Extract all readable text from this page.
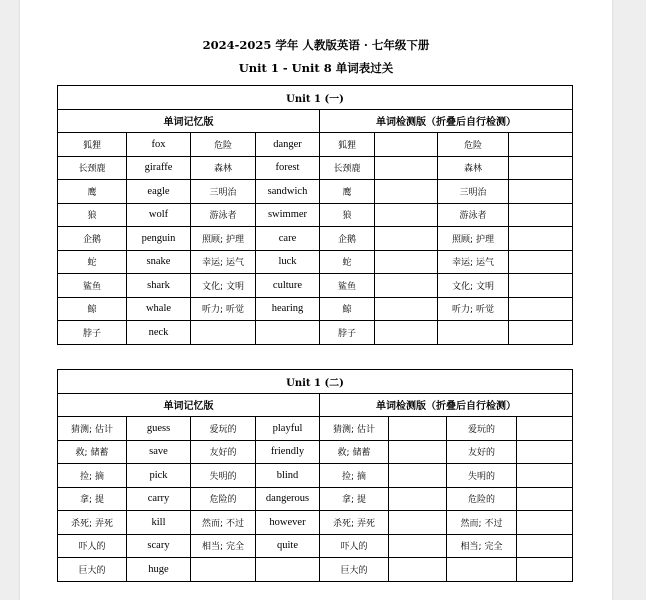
2024-2025 学年 人教版英语 · 七年级下册
Unit 1 - Unit 8 单词表过关
Unit 1 (一)							
单词记忆版				单词检测版（折叠后自行检测）			
狐狸	fox	危险	danger	狐狸		危险	
长颈鹿	giraffe	森林	forest	长颈鹿		森林	
鹰	eagle	三明治	sandwich	鹰		三明治	
狼	wolf	游泳者	swimmer	狼		游泳者	
企鹅	penguin	照顾; 护理	care	企鹅		照顾; 护理	
蛇	snake	幸运; 运气	luck	蛇		幸运; 运气	
鲨鱼	shark	文化; 文明	culture	鲨鱼		文化; 文明	
鲸	whale	听力; 听觉	hearing	鲸		听力; 听觉	
脖子	neck			脖子			
Unit 1 (二)							
单词记忆版				单词检测版（折叠后自行检测）			
猜测; 估计	guess	爱玩的	playful	猜测; 估计		爱玩的	
救; 储蓄	save	友好的	friendly	救; 储蓄		友好的	
捡; 摘	pick	失明的	blind	捡; 摘		失明的	
拿; 提	carry	危险的	dangerous	拿; 提		危险的	
杀死; 弄死	kill	然而; 不过	however	杀死; 弄死		然而; 不过	
吓人的	scary	相当; 完全	quite	吓人的		相当; 完全	
巨大的	huge			巨大的			
